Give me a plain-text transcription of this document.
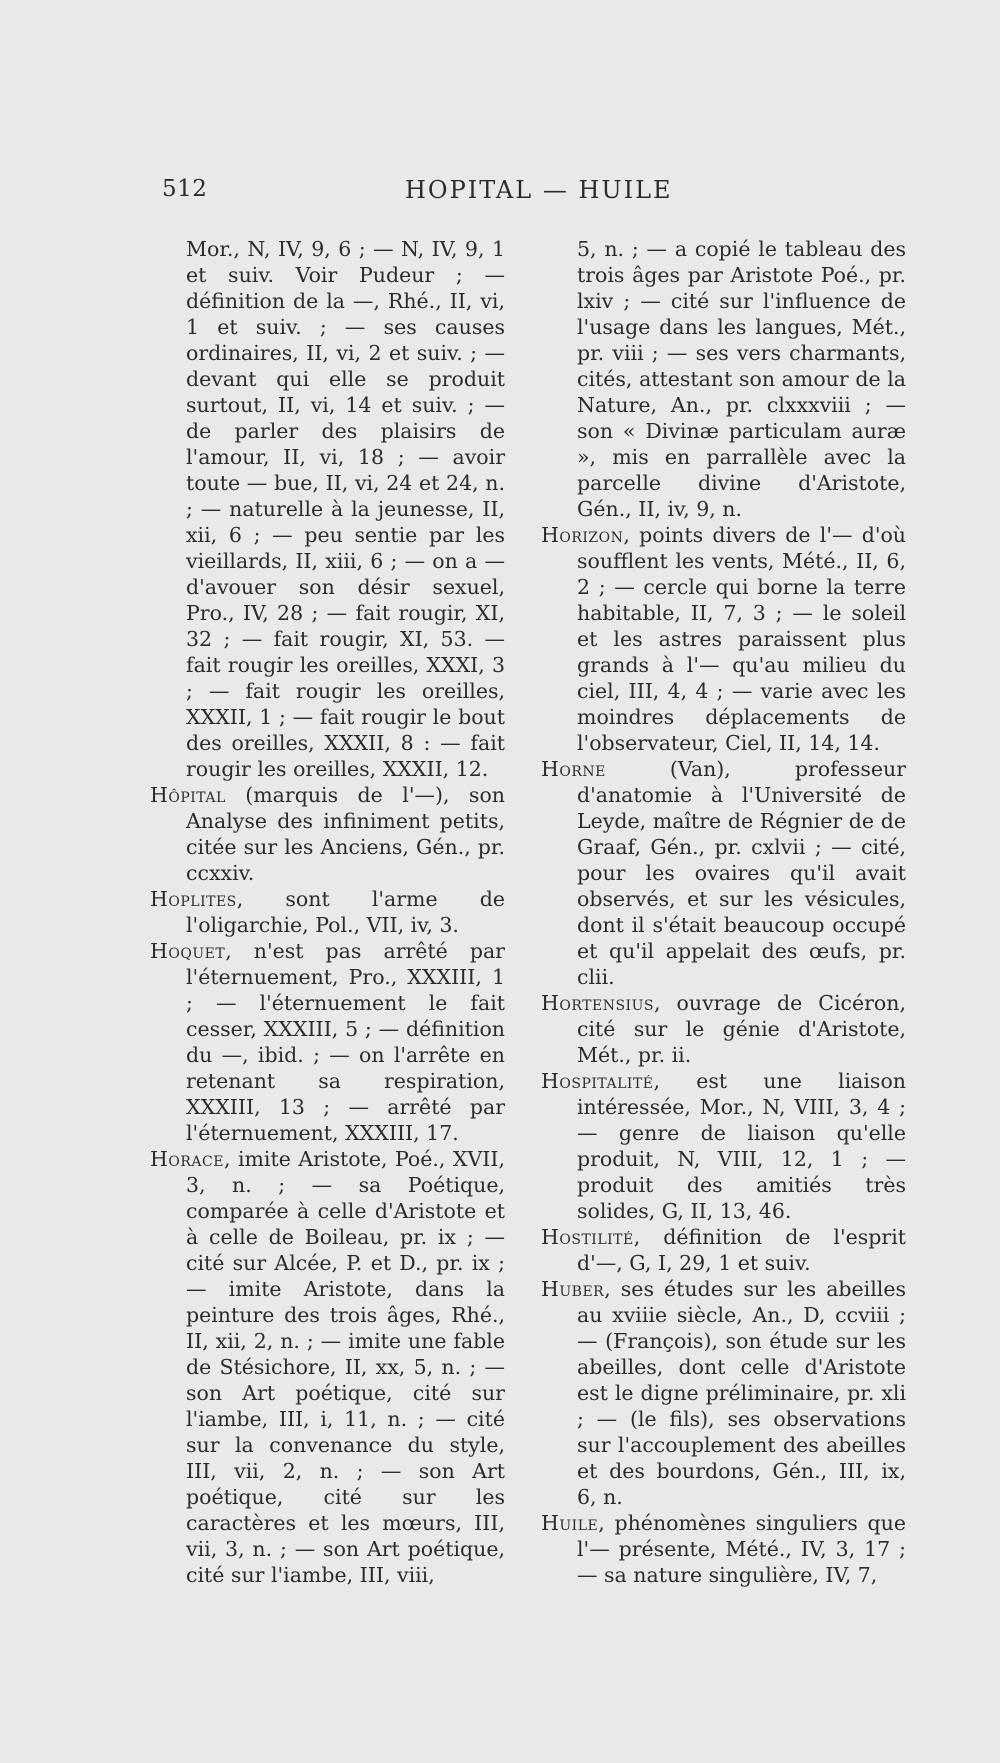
512	HOPITAL — HUILE

Mor., N, IV, 9, 6 ; — N, IV, 9, 1 et suiv. Voir Pudeur ; — définition de la —, Rhé., II, vi, 1 et suiv. ; — ses causes ordinaires, II, vi, 2 et suiv. ; — devant qui elle se produit surtout, II, vi, 14 et suiv. ; — de parler des plaisirs de l'amour, II, vi, 18 ; — avoir toute — bue, II, vi, 24 et 24, n. ; — naturelle à la jeunesse, II, xii, 6 ; — peu sentie par les vieillards, II, xiii, 6 ; — on a — d'avouer son désir sexuel, Pro., IV, 28 ; — fait rougir, XI, 32 ; — fait rougir, XI, 53. — fait rougir les oreilles, XXXI, 3 ; — fait rougir les oreilles, XXXII, 1 ; — fait rougir le bout des oreilles, XXXII, 8 : — fait rougir les oreilles, XXXII, 12.

Hôpital (marquis de l'—), son Analyse des infiniment petits, citée sur les Anciens, Gén., pr. ccxxiv.

Hoplites, sont l'arme de l'oligarchie, Pol., VII, iv, 3.

Hoquet, n'est pas arrêté par l'éternuement, Pro., XXXIII, 1 ; — l'éternuement le fait cesser, XXXIII, 5 ; — définition du —, ibid. ; — on l'arrête en retenant sa respiration, XXXIII, 13 ; — arrêté par l'éternuement, XXXIII, 17.

Horace, imite Aristote, Poé., XVII, 3, n. ; — sa Poétique, comparée à celle d'Aristote et à celle de Boileau, pr. ix ; — cité sur Alcée, P. et D., pr. ix ; — imite Aristote, dans la peinture des trois âges, Rhé., II, xii, 2, n. ; — imite une fable de Stésichore, II, xx, 5, n. ; — son Art poétique, cité sur l'iambe, III, i, 11, n. ; — cité sur la convenance du style, III, vii, 2, n. ; — son Art poétique, cité sur les caractères et les mœurs, III, vii, 3, n. ; — son Art poétique, cité sur l'iambe, III, viii,

5, n. ; — a copié le tableau des trois âges par Aristote Poé., pr. lxiv ; — cité sur l'influence de l'usage dans les langues, Mét., pr. viii ; — ses vers charmants, cités, attestant son amour de la Nature, An., pr. clxxxviii ; — son « Divinæ particulam auræ », mis en parrallèle avec la parcelle divine d'Aristote, Gén., II, iv, 9, n.

Horizon, points divers de l'— d'où soufflent les vents, Mété., II, 6, 2 ; — cercle qui borne la terre habitable, II, 7, 3 ; — le soleil et les astres paraissent plus grands à l'— qu'au milieu du ciel, III, 4, 4 ; — varie avec les moindres déplacements de l'observateur, Ciel, II, 14, 14.

Horne (Van), professeur d'anatomie à l'Université de Leyde, maître de Régnier de de Graaf, Gén., pr. cxlvii ; — cité, pour les ovaires qu'il avait observés, et sur les vésicules, dont il s'était beaucoup occupé et qu'il appelait des œufs, pr. clii.

Hortensius, ouvrage de Cicéron, cité sur le génie d'Aristote, Mét., pr. ii.

Hospitalité, est une liaison intéressée, Mor., N, VIII, 3, 4 ; — genre de liaison qu'elle produit, N, VIII, 12, 1 ; — produit des amitiés très solides, G, II, 13, 46.

Hostilité, définition de l'esprit d'—, G, I, 29, 1 et suiv.

Huber, ses études sur les abeilles au xviiie siècle, An., D, ccviii ; — (François), son étude sur les abeilles, dont celle d'Aristote est le digne préliminaire, pr. xli ; — (le fils), ses observations sur l'accouplement des abeilles et des bourdons, Gén., III, ix, 6, n.

Huile, phénomènes singuliers que l'— présente, Mété., IV, 3, 17 ; — sa nature singulière, IV, 7,
